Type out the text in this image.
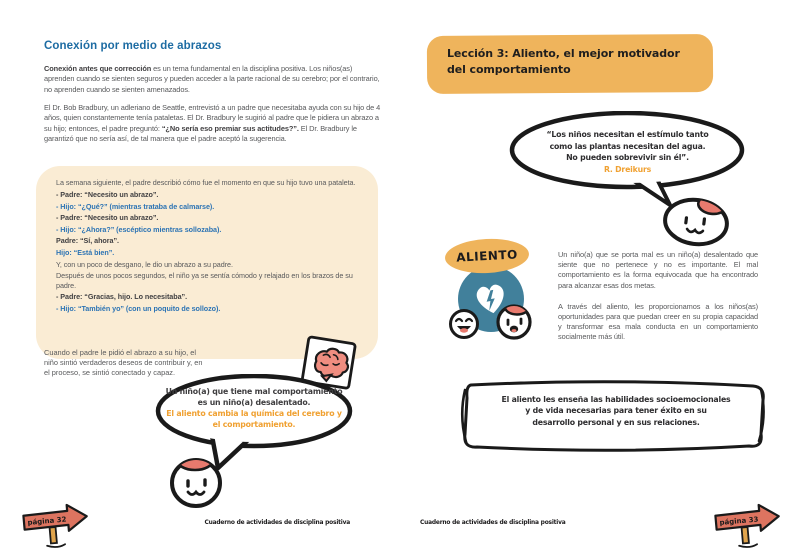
Conexión por medio de abrazos

Conexión antes que corrección es un tema fundamental en la disciplina positiva. Los niños(as) aprenden cuando se sienten seguros y pueden acceder a la parte racional de su cerebro; por el contrario, no aprenden cuando se sienten amenazados.

El Dr. Bob Bradbury, un adleriano de Seattle, entrevistó a un padre que necesitaba ayuda con su hijo de 4 años, quien constantemente tenía pataletas. El Dr. Bradbury le sugirió al padre que le pidiera un abrazo a su hijo; entonces, el padre preguntó: “¿No sería eso premiar sus actitudes?”. El Dr. Bradbury le garantizó que no sería así, de tal manera que el padre aceptó la sugerencia.

La semana siguiente, el padre describió cómo fue el momento en que su hijo tuvo una pataleta.
- Padre: “Necesito un abrazo”.
- Hijo: “¿Qué?” (mientras trataba de calmarse).
- Padre: “Necesito un abrazo”.
- Hijo: “¿Ahora?” (escéptico mientras sollozaba).
Padre: “Sí, ahora”.
Hijo: “Está bien”.
Y, con un poco de desgano, le dio un abrazo a su padre.
Después de unos pocos segundos, el niño ya se sentía cómodo y relajado en los brazos de su padre.
- Padre: “Gracias, hijo. Lo necesitaba”.
- Hijo: “También yo” (con un poquito de sollozo).

Cuando el padre le pidió el abrazo a su hijo, el niño sintió verdaderos deseos de contribuir y, en el proceso, se sintió conectado y capaz.

Un niño(a) que tiene mal comportamiento
es un niño(a) desalentado.
El aliento cambia la química del cerebro y
el comportamiento.
Cuaderno de actividades de disciplina positiva
página 32
Lección 3: Aliento, el mejor motivador
del comportamiento
“Los niños necesitan el estímulo tanto
como las plantas necesitan del agua.
No pueden sobrevivir sin él”.
R. Dreikurs
ALIENTO	Un niño(a) que se porta mal es un niño(a) desalentado que siente que no pertenece y no es importante. El mal comportamiento es la forma equivocada que ha encontrado para alcanzar esas dos metas.

A través del aliento, les proporcionamos a los niños(as) oportunidades para que puedan creer en su propia capacidad y transformar esa mala conducta en un comportamiento socialmente más útil.

El aliento les enseña las habilidades socioemocionales
y de vida necesarias para tener éxito en su
desarrollo personal y en sus relaciones.
Cuaderno de actividades de disciplina positiva	página 33
